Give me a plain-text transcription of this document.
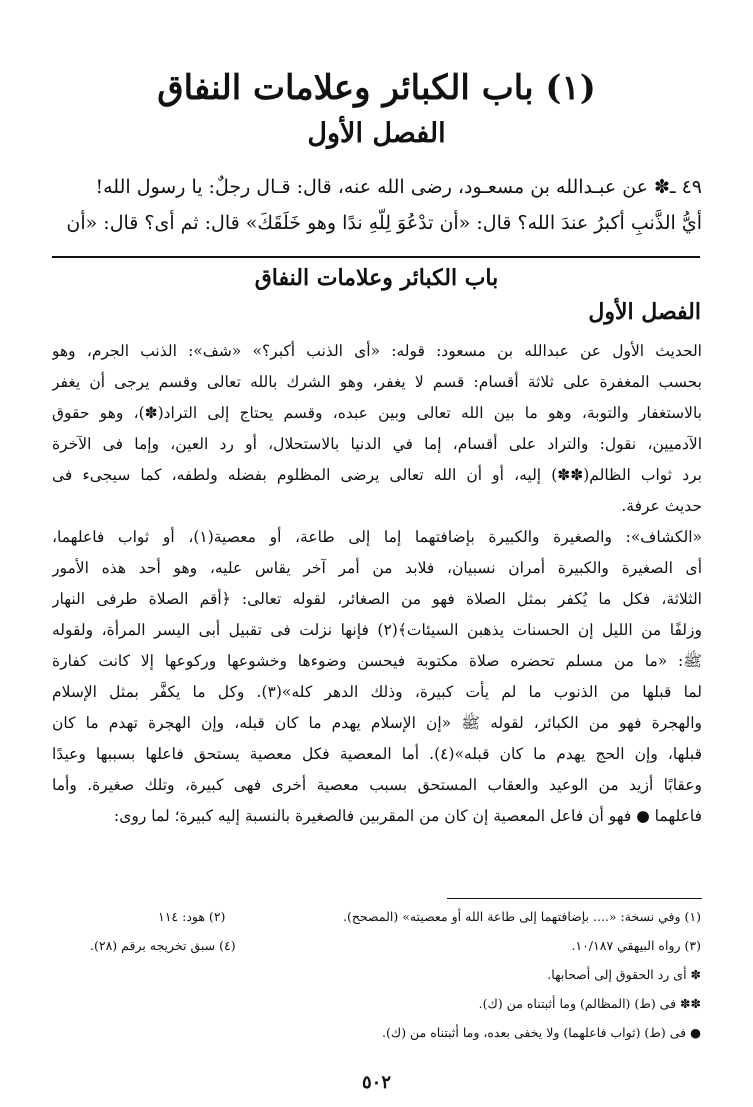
(١) باب الكبائر وعلامات النفاق
الفصل الأول
٤٩ ـ✽ عن عبـدالله بن مسعـود، رضى الله عنه، قال: قـال رجلٌ: يا رسول الله!
أيُّ الذَّنبِ أكبرُ عندَ الله؟ قال: «أن تدْعُوَ لِلّهِ ندًا وهو خَلَقَكَ» قال: ثم أى؟ قال: «أن
باب الكبائر وعلامات النفاق
الفصل الأول
الحديث الأول عن عبدالله بن مسعود: قوله: «أى الذنب أكبر؟» «شف»: الذنب الجرم، وهو
بحسب المغفرة على ثلاثة أقسام: قسم لا يغفر، وهو الشرك بالله تعالى وقسم يرجى أن يغفر
بالاستغفار والتوبة، وهو ما بين الله تعالى وبين عبده، وقسم يحتاج إلى التراد(✽)، وهو حقوق
الآدميين، نقول: والتراد على أقسام، إما في الدنيا بالاستحلال، أو رد العين، وإما فى الآخرة
برد ثواب الظالم(✽✽) إليه، أو أن الله تعالى يرضى المظلوم بفضله ولطفه، كما سيجىء فى
حديث عرفة.
«الكشاف»: والصغيرة والكبيرة بإضافتهما إما إلى طاعة، أو معصية(١)، أو ثواب فاعلهما،
أى الصغيرة والكبيرة أمران نسبيان، فلابد من أمر آخر يقاس عليه، وهو أحد هذه الأمور
الثلاثة، فكل ما يُكفر بمثل الصلاة فهو من الصغائر، لقوله تعالى: ﴿أقم الصلاة طرفى النهار
وزلفًا من الليل إن الحسنات يذهبن السيئات﴾(٢) فإنها نزلت فى تقبيل أبى اليسر المرأة، ولقوله
ﷺ: «ما من مسلم تحضره صلاة مكتوبة فيحسن وضوءها وخشوعها وركوعها إلا كانت كفارة
لما قبلها من الذنوب ما لم يأت كبيرة، وذلك الدهر كله»(٣). وكل ما يكفَّر بمثل الإسلام
والهجرة فهو من الكبائر، لقوله ﷺ «إن الإسلام يهدم ما كان قبله، وإن الهجرة تهدم ما كان
قبلها، وإن الحج يهدم ما كان قبله»(٤). أما المعصية فكل معصية يستحق فاعلها بسببها وعيدًا
وعقابًا أزيد من الوعيد والعقاب المستحق بسبب معصية أخرى فهى كبيرة، وتلك صغيرة. وأما
فاعلهما ● فهو أن فاعل المعصية إن كان من المقربين فالصغيرة بالنسبة إليه كبيرة؛ لما روى:
(١) وفي نسخة: «.... بإضافتهما إلى طاعة الله أو معصيته» (المصحح).
(٢) هود: ١١٤
(٣) رواه البيهقي ١٠/١٨٧.
(٤) سبق تخريجه برقم (٢٨).
✽ أى رد الحقوق إلى أصحابها.
✽✽ فى (ط) (المظالم) وما أثبتناه من (ك).
● فى (ط) (ثواب فاعلهما) ولا يخفى بعده، وما أثبتناه من (ك).
٥٠٢
